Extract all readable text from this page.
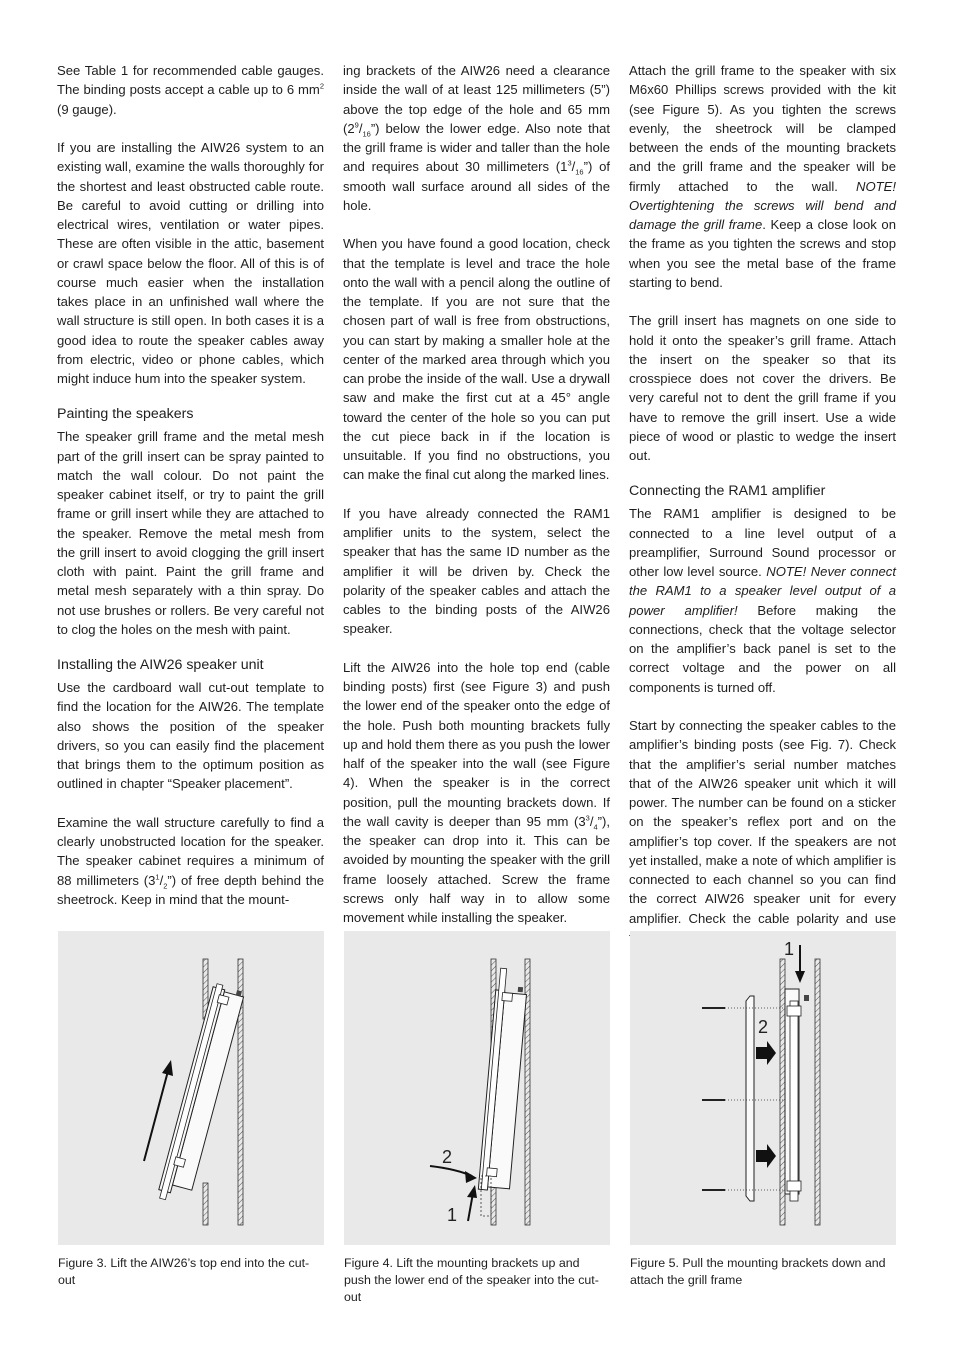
See Table 1 for recommended cable gauges. The binding posts accept a cable up to 6 $mm^2$ (9 gauge).

If you are installing the AIW26 system to an existing wall, examine the walls thoroughly for the shortest and least obstructed cable route. Be careful to avoid cutting or drilling into electrical wires, ventilation or water pipes. These are often visible in the attic, basement or crawl space below the floor. All of this is of course much easier when the installation takes place in an unfinished wall where the wall structure is still open. In both cases it is a good idea to route the speaker cables away from electric, video or phone cables, which might induce hum into the speaker system.

Painting the speakers

The speaker grill frame and the metal mesh part of the grill insert can be spray painted to match the wall colour. Do not paint the speaker cabinet itself, or try to paint the grill frame or grill insert while they are attached to the speaker. Remove the metal mesh from the grill insert to avoid clogging the grill insert cloth with paint. Paint the grill frame and metal mesh separately with a thin spray. Do not use brushes or rollers. Be very careful not to clog the holes on the mesh with paint.

Installing the AIW26 speaker unit

Use the cardboard wall cut-out template to find the location for the AIW26. The template also shows the position of the speaker drivers, so you can easily find the placement that brings them to the optimum position as outlined in chapter “Speaker placement”.

Examine the wall structure carefully to find a clearly unobstructed location for the speaker. The speaker cabinet requires a minimum of 88 millimeters $(3^1/_2”)$ of free depth behind the sheetrock. Keep in mind that the mount-

ing brackets of the AIW26 need a clearance inside the wall of at least 125 millimeters (5”) above the top edge of the hole and 65 mm $(2^9/_{16}”)$ below the lower edge. Also note that the grill frame is wider and taller than the hole and requires about 30 millimeters $(1^3/_{16}”)$ of smooth wall surface around all sides of the hole.

When you have found a good location, check that the template is level and trace the hole onto the wall with a pencil along the outline of the template. If you are not sure that the chosen part of wall is free from obstructions, you can start by making a smaller hole at the center of the marked area through which you can probe the inside of the wall. Use a drywall saw and make the first cut at a 45° angle toward the center of the hole so you can put the cut piece back in if the location is unsuitable. If you find no obstructions, you can make the final cut along the marked lines.

If you have already connected the RAM1 amplifier units to the system, select the speaker that has the same ID number as the amplifier it will be driven by. Check the polarity of the speaker cables and attach the cables to the binding posts of the AIW26 speaker.

Lift the AIW26 into the hole top end (cable binding posts) first (see Figure 3) and push the lower end of the speaker onto the edge of the hole. Push both mounting brackets fully up and hold them there as you push the lower half of the speaker into the wall (see Figure 4). When the speaker is in the correct position, pull the mounting brackets down. If the wall cavity is deeper than 95 mm $(3^3/_4”)$, the speaker can drop into it. This can be avoided by mounting the speaker with the grill frame loosely attached. Screw the frame screws only half way in to allow some movement while installing the speaker.

Attach the grill frame to the speaker with six M6x60 Phillips screws provided with the kit (see Figure 5). As you tighten the screws evenly, the sheetrock will be clamped between the ends of the mounting brackets and the grill frame and the speaker will be firmly attached to the wall. NOTE! Overtightening the screws will bend and damage the grill frame. Keep a close look on the frame as you tighten the screws and stop when you see the metal base of the frame starting to bend.

The grill insert has magnets on one side to hold it onto the speaker’s grill frame. Attach the insert on the speaker so that its crosspiece does not cover the drivers. Be very careful not to dent the grill frame if you have to remove the grill insert. Use a wide piece of wood or plastic to wedge the insert out.

Connecting the RAM1 amplifier

The RAM1 amplifier is designed to be connected to a line level output of a preamplifier, Surround Sound processor or other low level source. NOTE! Never connect the RAM1 to a speaker level output of a power amplifier! Before making the connections, check that the voltage selector on the amplifier’s back panel is set to the correct voltage and the power on all components is turned off.

Start by connecting the speaker cables to the amplifier’s binding posts (see Fig. 7). Check that the amplifier’s serial number matches that of the AIW26 speaker unit which it will power. The number can be found on a sticker on the speaker’s reflex port and on the amplifier’s top cover. If the speakers are not yet installed, make a note of which amplifier is connected to each channel so you can find the correct AIW26 speaker unit for every amplifier. Check the cable polarity and use

2
1
1
2
Figure 3. Lift the AIW26’s top end into the cut-out
Figure 4. Lift the mounting brackets up and push the lower end of the speaker into the cut-out
Figure 5. Pull the mounting brackets down and attach the grill frame
